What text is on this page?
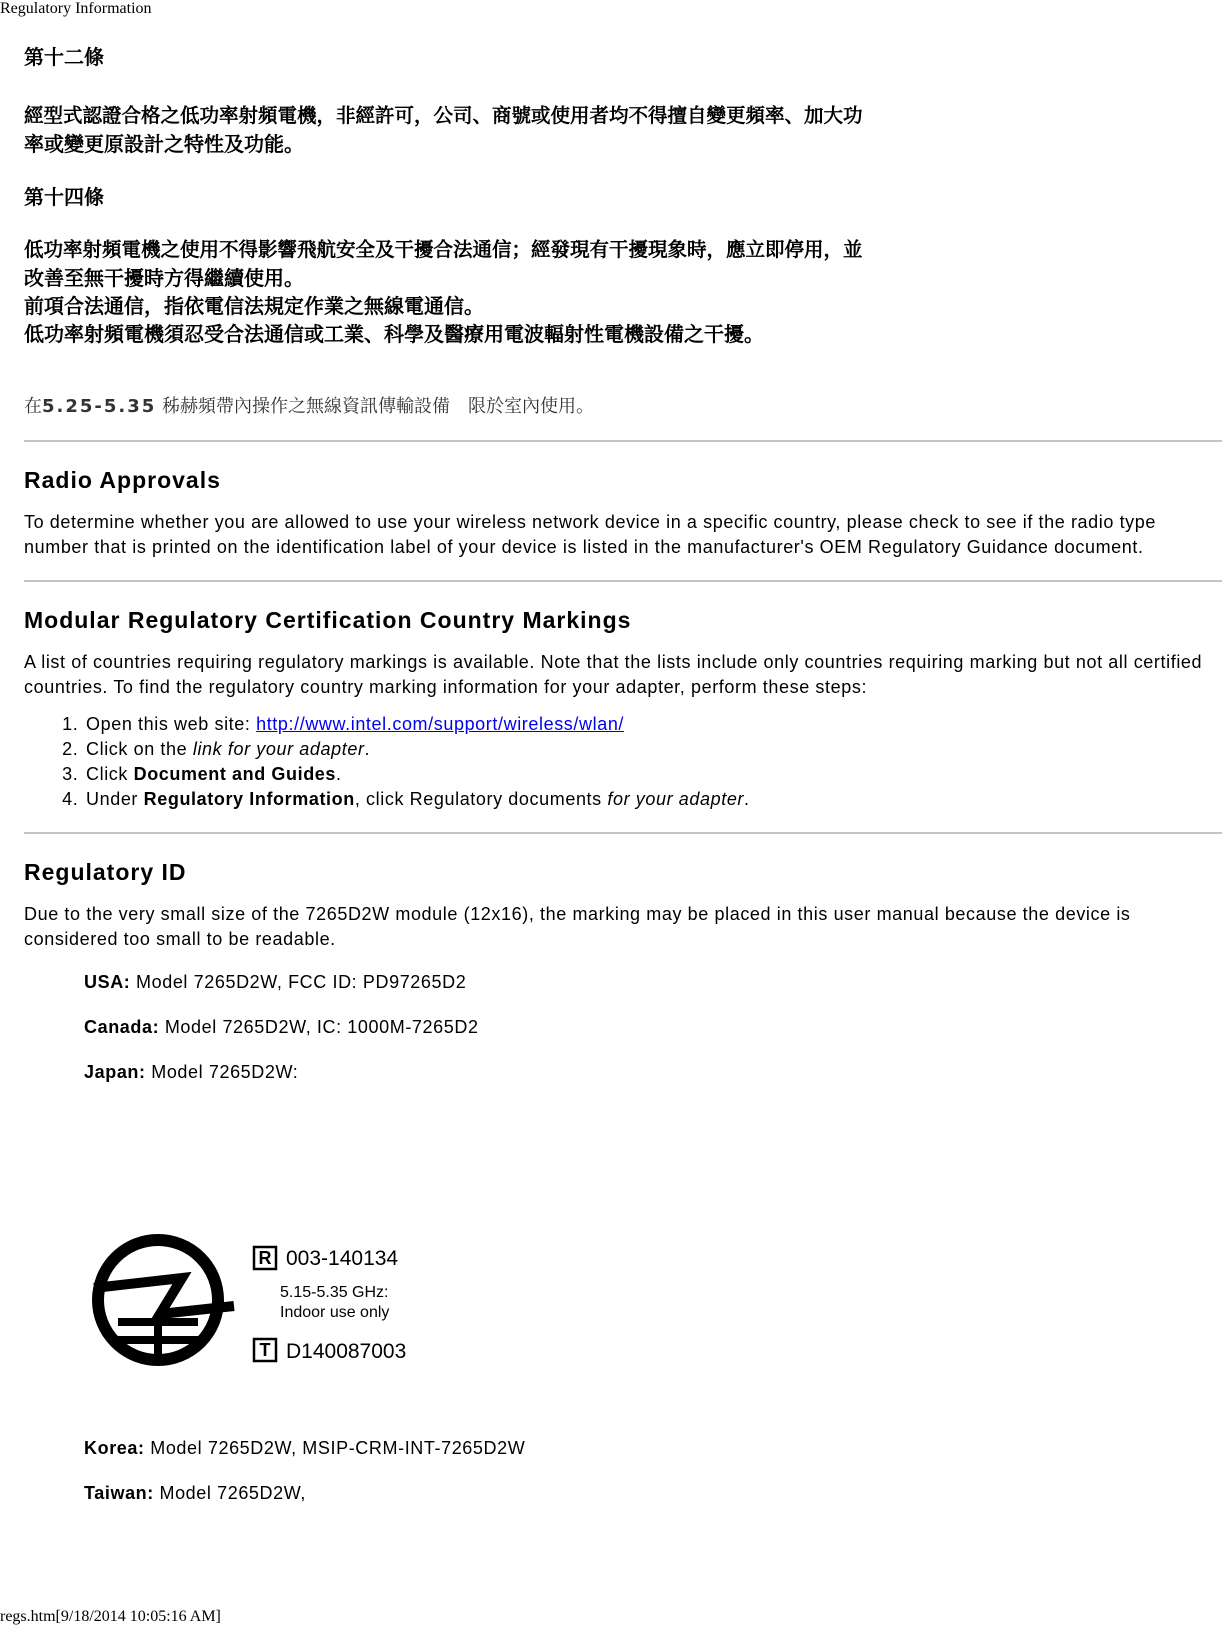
Regulatory Information

第十二條

經型式認證合格之低功率射頻電機，非經許可，公司、商號或使用者均不得擅自變更頻率、加大功

率或變更原設計之特性及功能。

第十四條

低功率射頻電機之使用不得影響飛航安全及干擾合法通信；經發現有干擾現象時，應立即停用，並

改善至無干擾時方得繼續使用。

前項合法通信，指依電信法規定作業之無線電通信。

低功率射頻電機須忍受合法通信或工業、科學及醫療用電波輻射性電機設備之干擾。

在5.25-5.35 秭赫頻帶內操作之無線資訊傳輸設備　限於室內使用。

Radio Approvals

To determine whether you are allowed to use your wireless network device in a specific country, please check to see if the radio type number that is printed on the identification label of your device is listed in the manufacturer's OEM Regulatory Guidance document.

Modular Regulatory Certification Country Markings

A list of countries requiring regulatory markings is available. Note that the lists include only countries requiring marking but not all certified countries. To find the regulatory country marking information for your adapter, perform these steps:

1. Open this web site: http://www.intel.com/support/wireless/wlan/
2. Click on the link for your adapter.
3. Click Document and Guides.
4. Under Regulatory Information, click Regulatory documents for your adapter.
Regulatory ID

Due to the very small size of the 7265D2W module (12x16), the marking may be placed in this user manual because the device is considered too small to be readable.

USA: Model 7265D2W, FCC ID: PD97265D2

Canada: Model 7265D2W, IC: 1000M-7265D2

Japan: Model 7265D2W:

R 003-140134
5.15-5.35 GHz:
Indoor use only
T D140087003

Korea: Model 7265D2W, MSIP-CRM-INT-7265D2W

Taiwan: Model 7265D2W,

regs.htm[9/18/2014 10:05:16 AM]
